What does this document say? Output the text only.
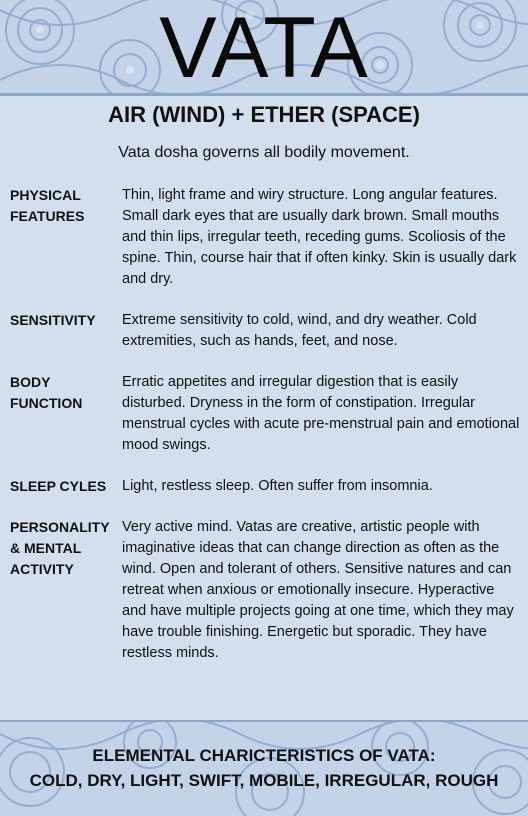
VATA
AIR (WIND) + ETHER (SPACE)
Vata dosha governs all bodily movement.
PHYSICAL
FEATURES
Thin, light frame and wiry structure. Long angular features. Small dark eyes that are usually dark brown. Small mouths and thin lips, irregular teeth, receding gums. Scoliosis of the spine. Thin, course hair that if often kinky. Skin is usually dark and dry.
SENSITIVITY	Extreme sensitivity to cold, wind, and dry weather. Cold extremities, such as hands, feet, and nose.
BODY
FUNCTION
Erratic appetites and irregular digestion that is easily disturbed. Dryness in the form of constipation. Irregular menstrual cycles with acute pre-menstrual pain and emotional mood swings.
SLEEP CYLES	Light, restless sleep. Often suffer from insomnia.
PERSONALITY
& MENTAL
ACTIVITY
Very active mind. Vatas are creative, artistic people with imaginative ideas that can change direction as often as the wind. Open and tolerant of others. Sensitive natures and can retreat when anxious or emotionally insecure. Hyperactive and have multiple projects going at one time, which they may have trouble finishing. Energetic but sporadic. They have restless minds.
ELEMENTAL CHARICTERISTICS OF VATA:
COLD, DRY, LIGHT, SWIFT, MOBILE, IRREGULAR, ROUGH
